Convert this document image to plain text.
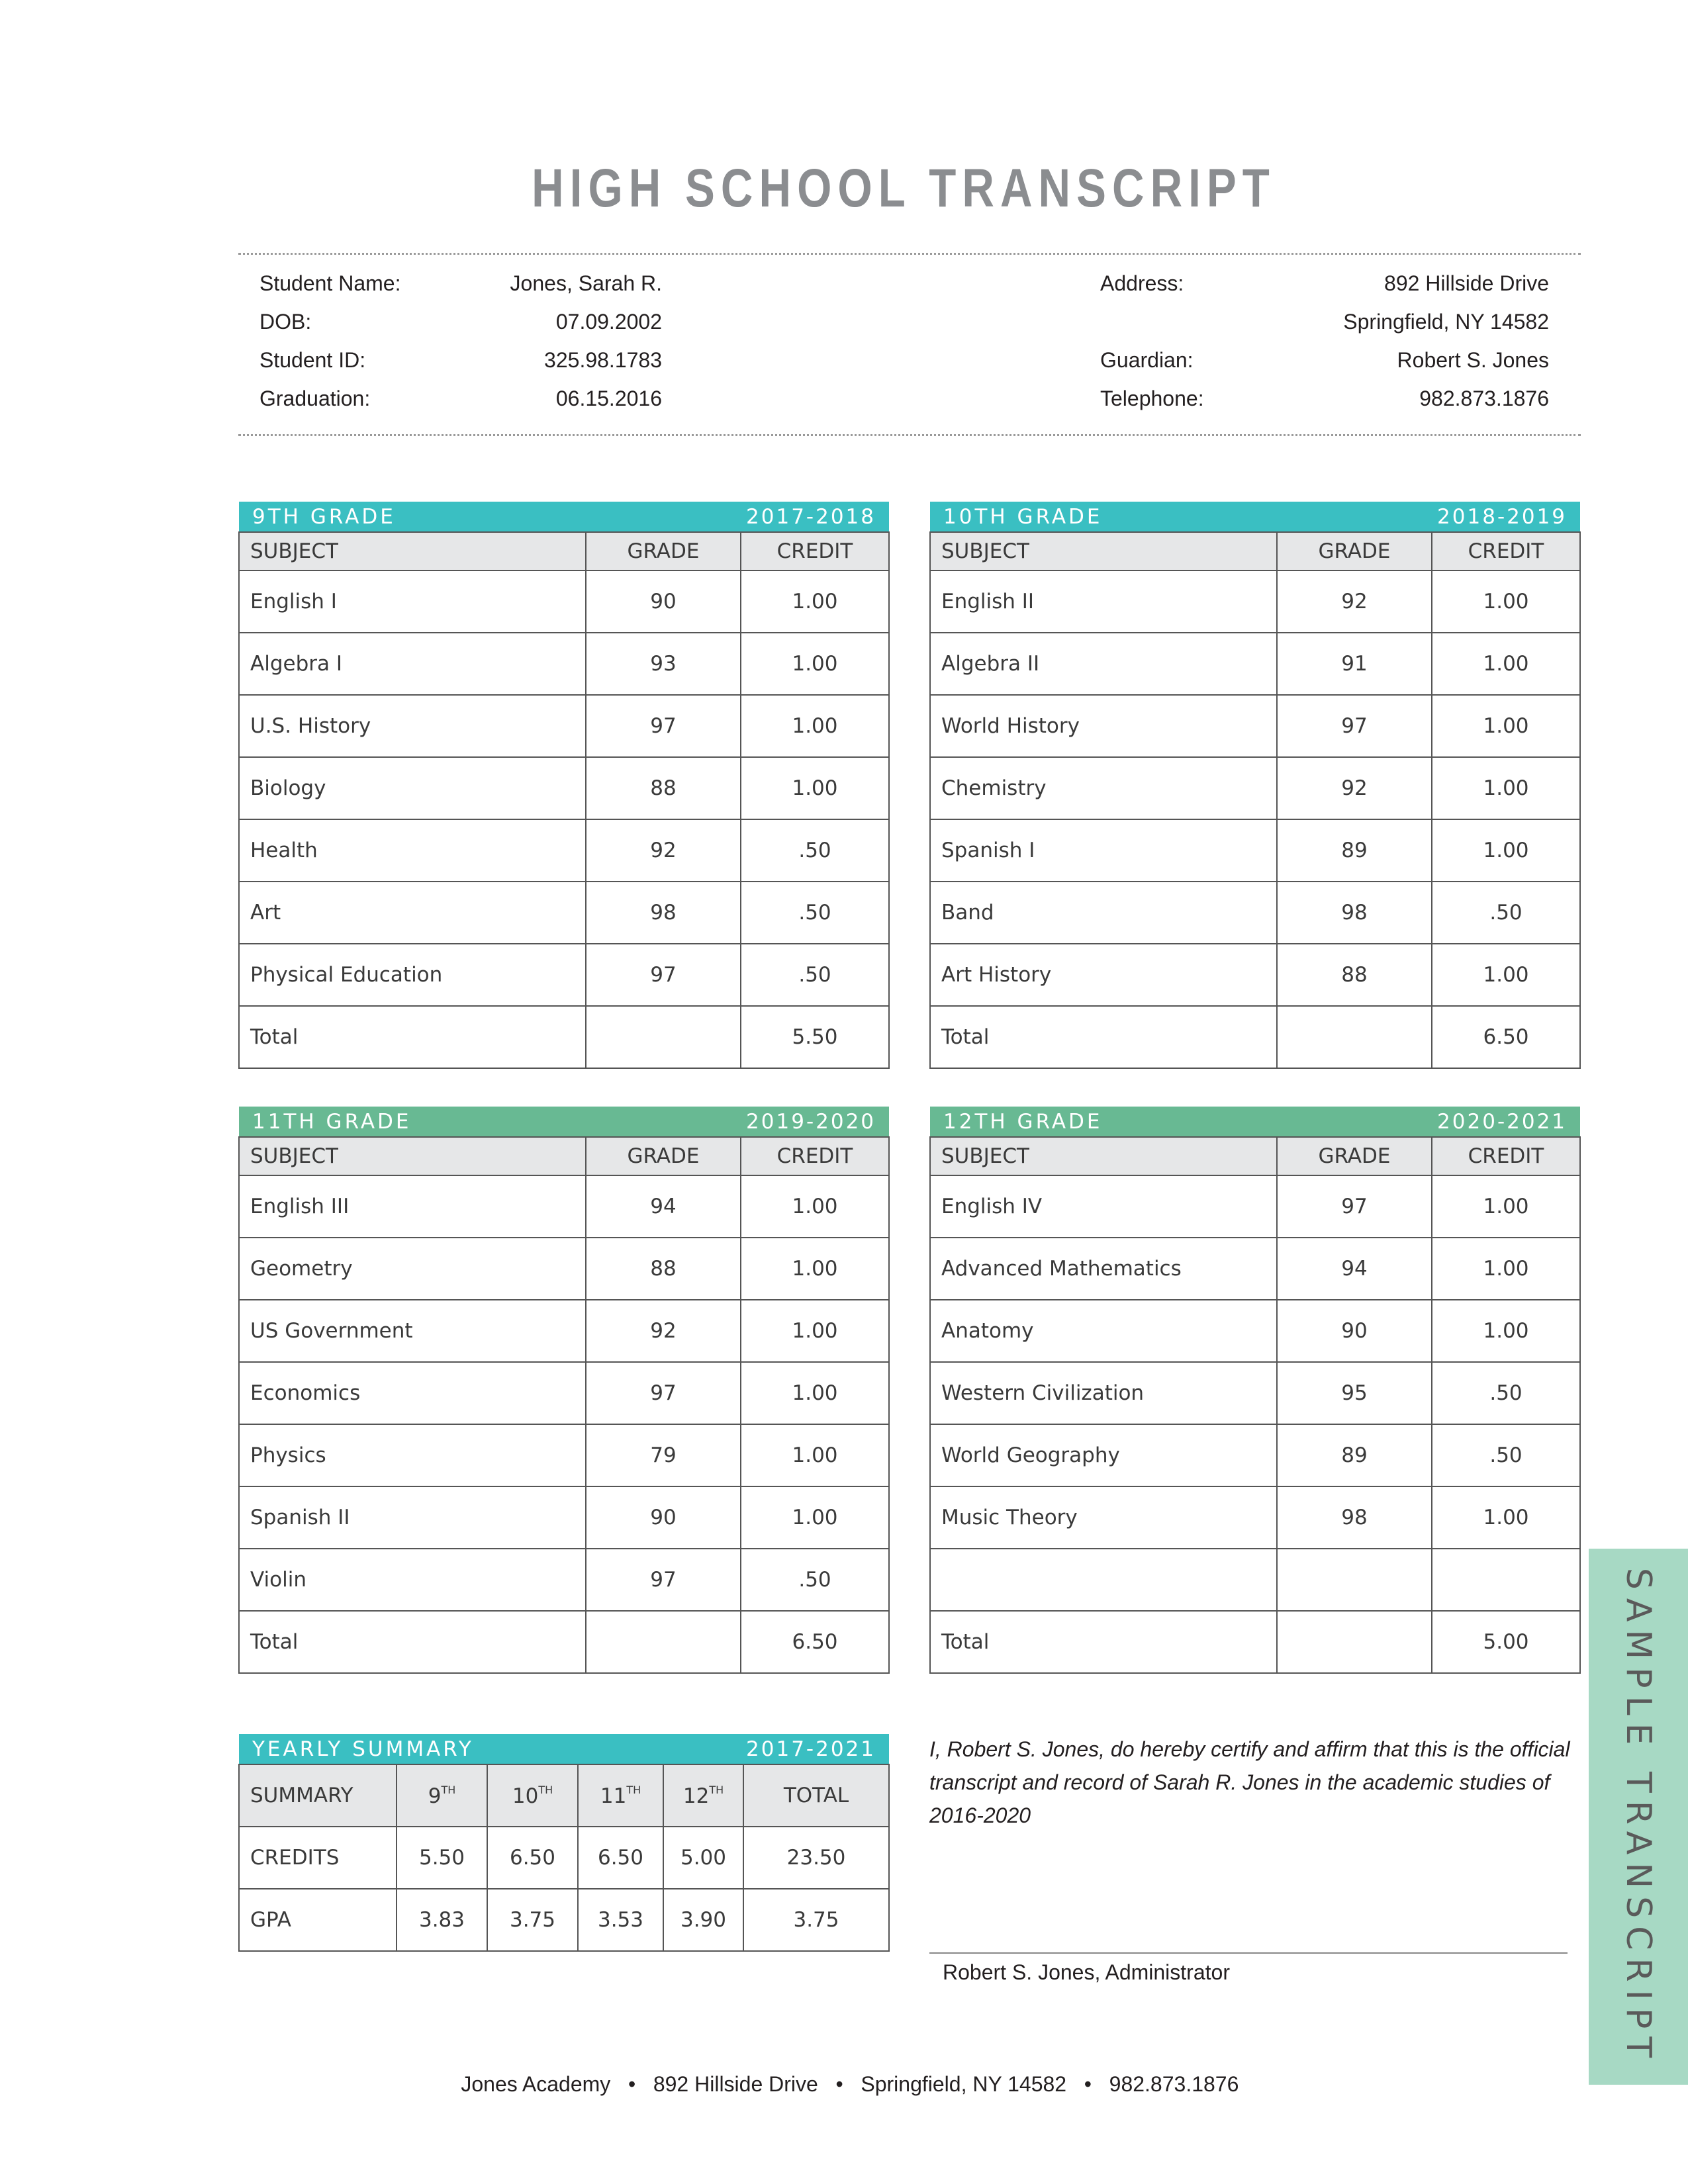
HIGH SCHOOL TRANSCRIPT
Student Name:	Jones, Sarah R.
DOB:	07.09.2002
Student ID:	325.98.1783
Graduation:	06.15.2016
Address:	892 Hillside Drive
Springfield, NY 14582
Guardian:	Robert S. Jones
Telephone:	982.873.1876
9TH GRADE 2017-2018		

SUBJECT	GRADE	CREDIT
English I	90	1.00
Algebra I	93	1.00
U.S. History	97	1.00
Biology	88	1.00
Health	92	.50
Art	98	.50
Physical Education	97	.50
Total		5.50
10TH GRADE 2018-2019		

SUBJECT	GRADE	CREDIT
English II	92	1.00
Algebra II	91	1.00
World History	97	1.00
Chemistry	92	1.00
Spanish I	89	1.00
Band	98	.50
Art History	88	1.00
Total		6.50
11TH GRADE 2019-2020		

SUBJECT	GRADE	CREDIT
English III	94	1.00
Geometry	88	1.00
US Government	92	1.00
Economics	97	1.00
Physics	79	1.00
Spanish II	90	1.00
Violin	97	.50
Total		6.50
12TH GRADE 2020-2021		

SUBJECT	GRADE	CREDIT
English IV	97	1.00
Advanced Mathematics	94	1.00
Anatomy	90	1.00
Western Civilization	95	.50
World Geography	89	.50
Music Theory	98	1.00

Total		5.00
YEARLY SUMMARY 2017-2021					

SUMMARY	9TH	10TH	11TH	12TH	TOTAL
CREDITS	5.50	6.50	6.50	5.00	23.50
GPA	3.83	3.75	3.53	3.90	3.75
I, Robert S. Jones, do hereby certify and affirm that this is the official transcript and record of Sarah R. Jones in the academic studies of 2016-2020
Robert S. Jones, Administrator

Jones Academy • 892 Hillside Drive • Springfield, NY 14582 • 982.873.1876

SAMPLE TRANSCRIPT
